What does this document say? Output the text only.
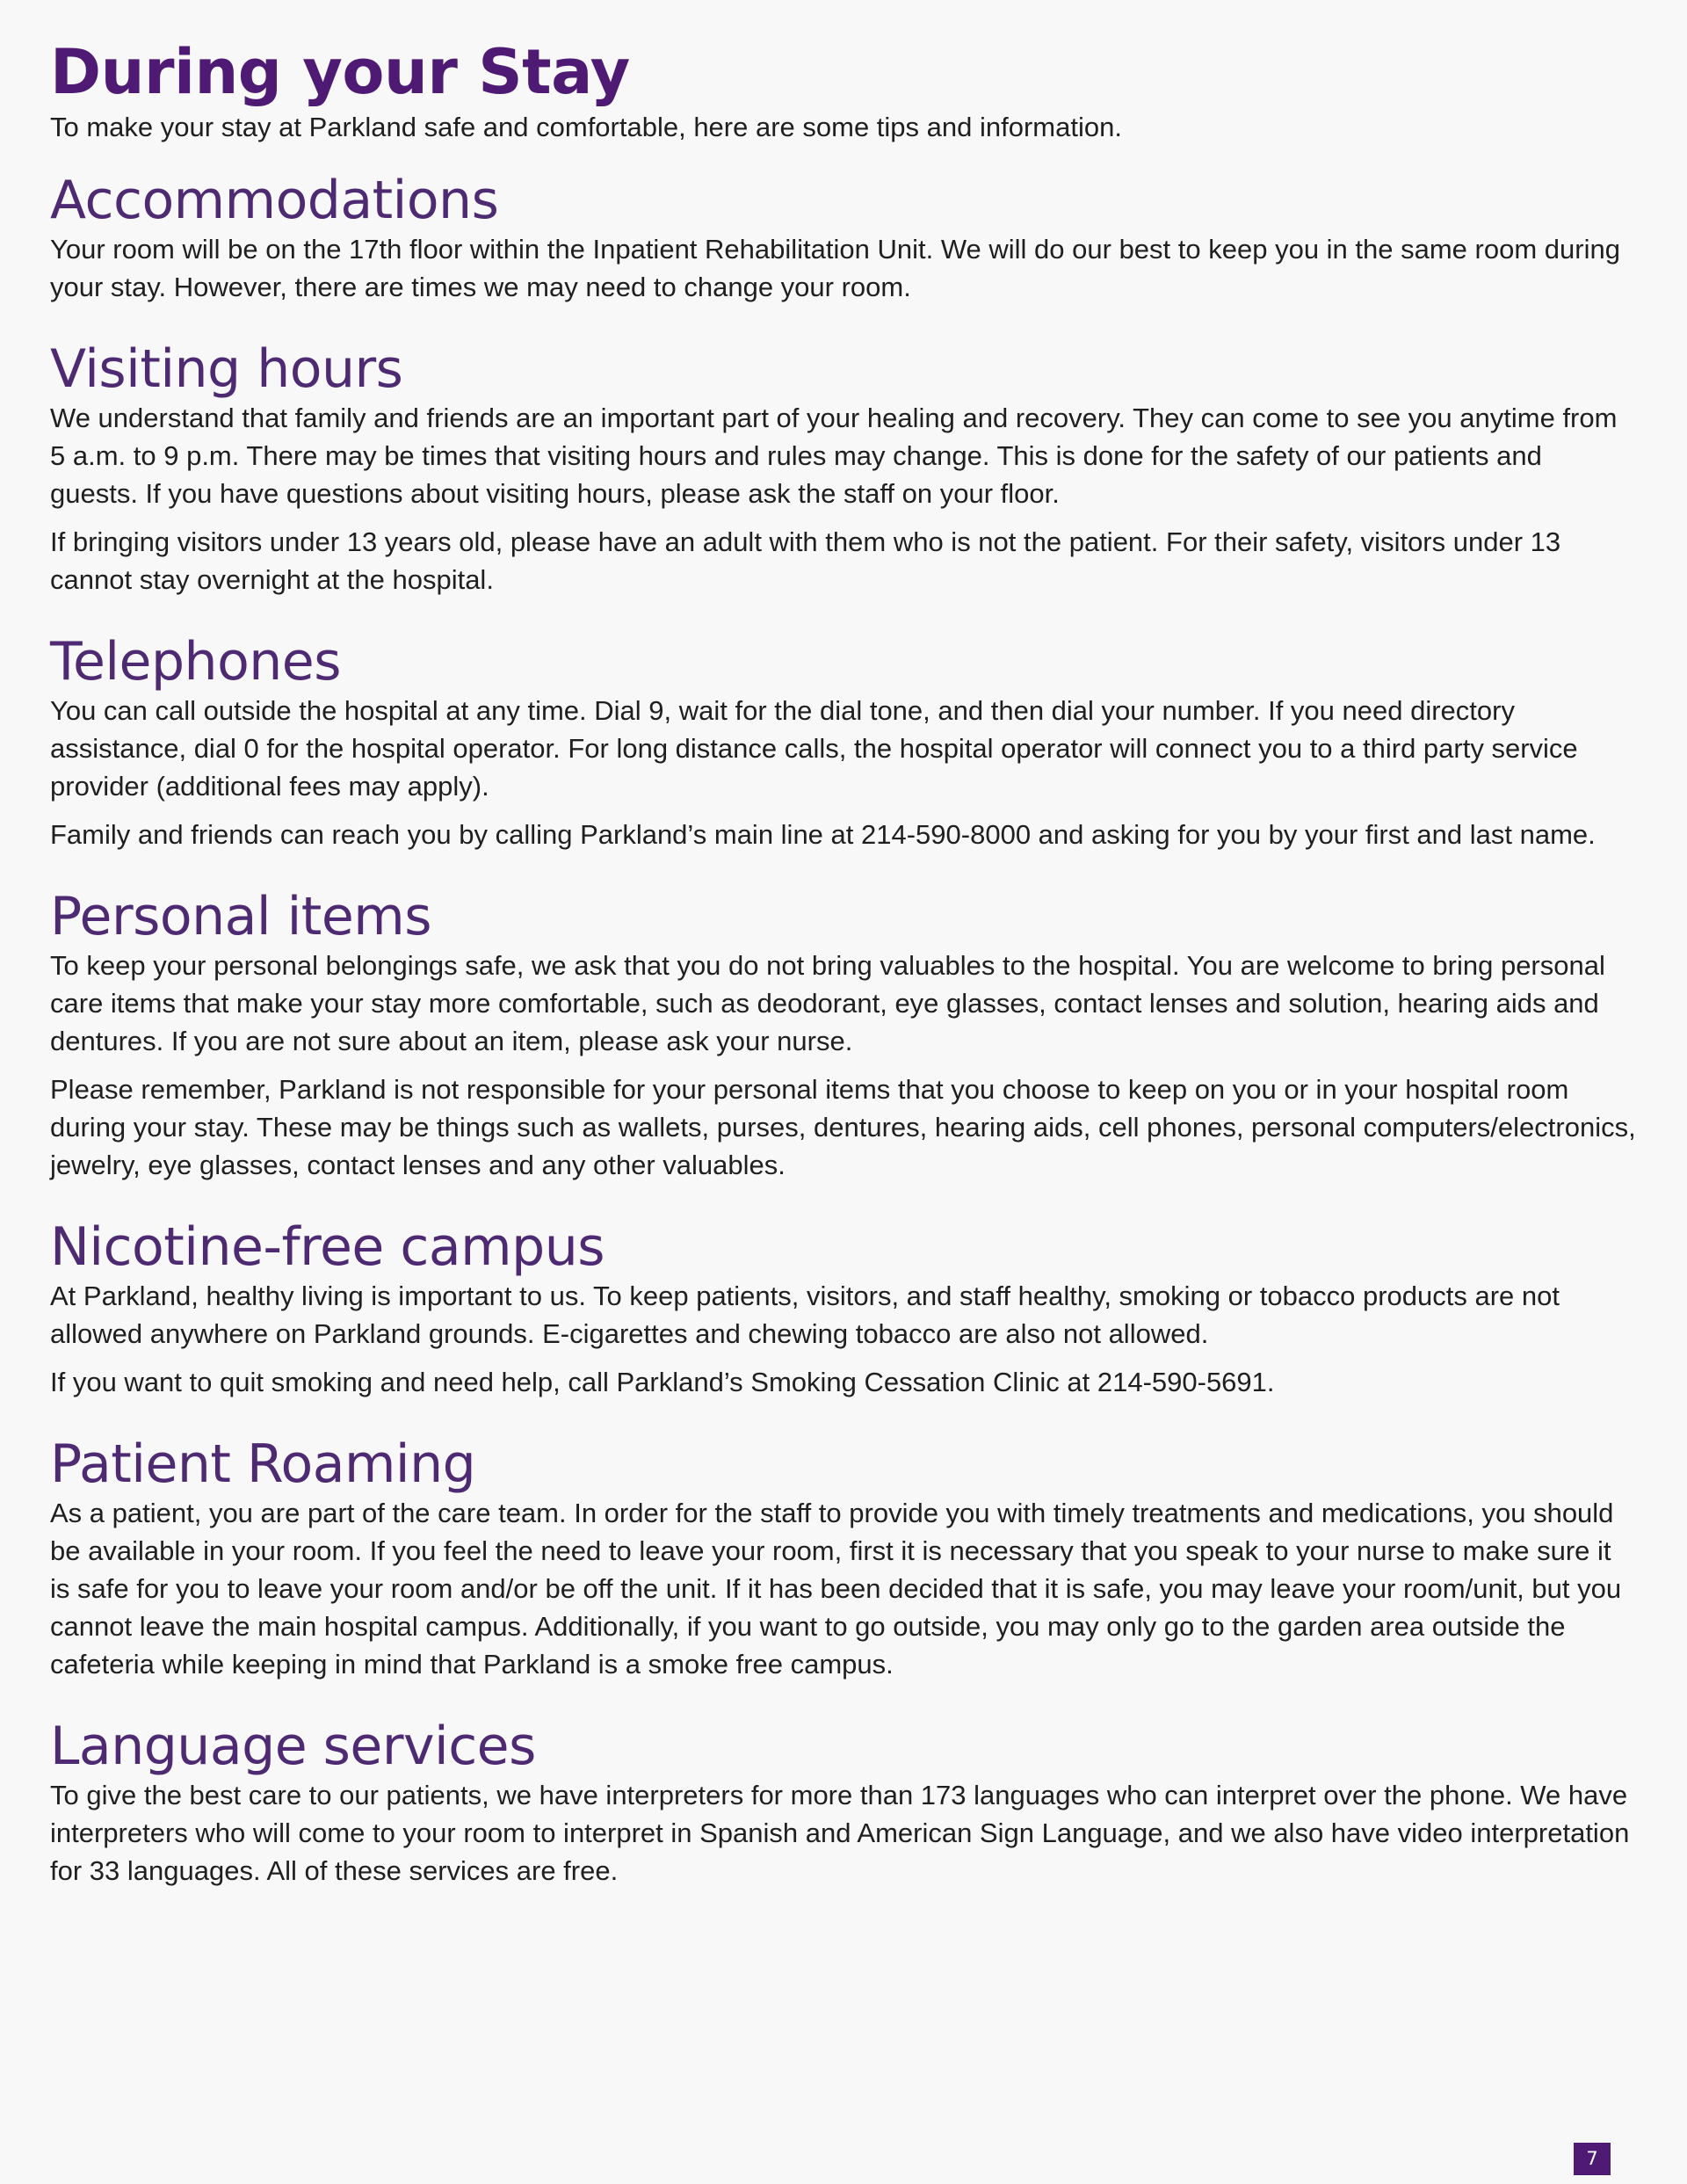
During your Stay

To make your stay at Parkland safe and comfortable, here are some tips and information.

Accommodations

Your room will be on the 17th floor within the Inpatient Rehabilitation Unit. We will do our best to keep you in the same room during your stay. However, there are times we may need to change your room.

Visiting hours

We understand that family and friends are an important part of your healing and recovery. They can come to see you anytime from 5 a.m. to 9 p.m. There may be times that visiting hours and rules may change. This is done for the safety of our patients and guests. If you have questions about visiting hours, please ask the staff on your floor.

If bringing visitors under 13 years old, please have an adult with them who is not the patient. For their safety, visitors under 13 cannot stay overnight at the hospital.

Telephones

You can call outside the hospital at any time. Dial 9, wait for the dial tone, and then dial your number. If you need directory assistance, dial 0 for the hospital operator. For long distance calls, the hospital operator will connect you to a third party service provider (additional fees may apply).

Family and friends can reach you by calling Parkland’s main line at 214-590-8000 and asking for you by your first and last name.

Personal items

To keep your personal belongings safe, we ask that you do not bring valuables to the hospital. You are welcome to bring personal care items that make your stay more comfortable, such as deodorant, eye glasses, contact lenses and solution, hearing aids and dentures. If you are not sure about an item, please ask your nurse.

Please remember, Parkland is not responsible for your personal items that you choose to keep on you or in your hospital room during your stay. These may be things such as wallets, purses, dentures, hearing aids, cell phones, personal computers/electronics, jewelry, eye glasses, contact lenses and any other valuables.

Nicotine-free campus

At Parkland, healthy living is important to us. To keep patients, visitors, and staff healthy, smoking or tobacco products are not allowed anywhere on Parkland grounds. E-cigarettes and chewing tobacco are also not allowed.

If you want to quit smoking and need help, call Parkland’s Smoking Cessation Clinic at 214-590-5691.

Patient Roaming

As a patient, you are part of the care team. In order for the staff to provide you with timely treatments and medications, you should be available in your room. If you feel the need to leave your room, first it is necessary that you speak to your nurse to make sure it is safe for you to leave your room and/or be off the unit. If it has been decided that it is safe, you may leave your room/unit, but you cannot leave the main hospital campus. Additionally, if you want to go outside, you may only go to the garden area outside the cafeteria while keeping in mind that Parkland is a smoke free campus.

Language services

To give the best care to our patients, we have interpreters for more than 173 languages who can interpret over the phone. We have interpreters who will come to your room to interpret in Spanish and American Sign Language, and we also have video interpretation for 33 languages. All of these services are free.

7
